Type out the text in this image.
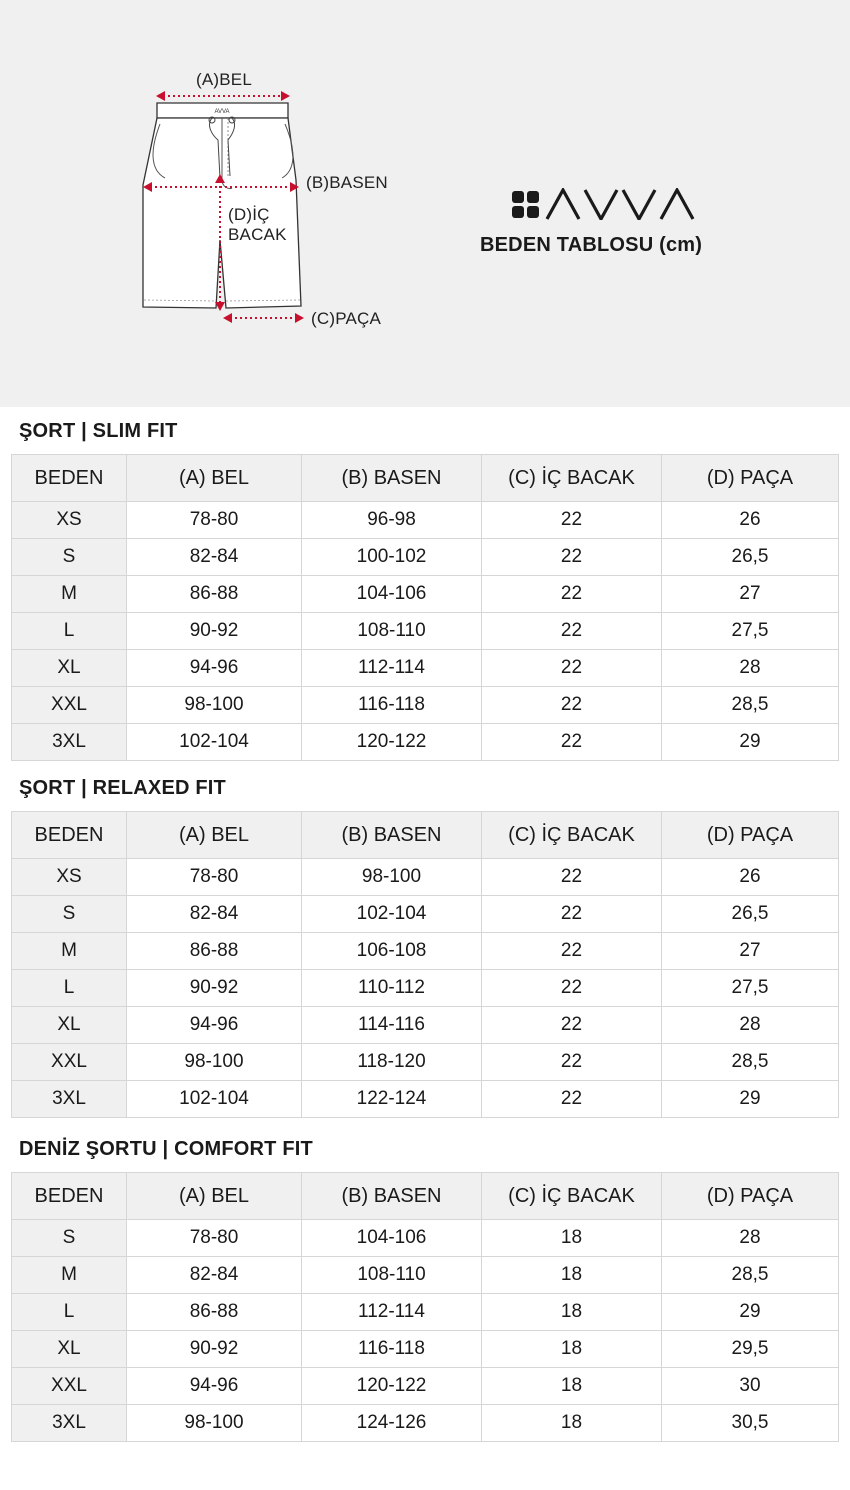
AVVA
(A)BEL
(B)BASEN
(D)İÇ
BACAK
(C)PAÇA
BEDEN TABLOSU (cm)
ŞORT | SLIM FIT
BEDEN	(A) BEL	(B) BASEN	(C) İÇ BACAK	(D) PAÇA
XS	78-80	96-98	22	26
S	82-84	100-102	22	26,5
M	86-88	104-106	22	27
L	90-92	108-110	22	27,5
XL	94-96	112-114	22	28
XXL	98-100	116-118	22	28,5
3XL	102-104	120-122	22	29
ŞORT | RELAXED FIT
BEDEN	(A) BEL	(B) BASEN	(C) İÇ BACAK	(D) PAÇA
XS	78-80	98-100	22	26
S	82-84	102-104	22	26,5
M	86-88	106-108	22	27
L	90-92	110-112	22	27,5
XL	94-96	114-116	22	28
XXL	98-100	118-120	22	28,5
3XL	102-104	122-124	22	29
DENİZ ŞORTU | COMFORT FIT
BEDEN	(A) BEL	(B) BASEN	(C) İÇ BACAK	(D) PAÇA
S	78-80	104-106	18	28
M	82-84	108-110	18	28,5
L	86-88	112-114	18	29
XL	90-92	116-118	18	29,5
XXL	94-96	120-122	18	30
3XL	98-100	124-126	18	30,5
